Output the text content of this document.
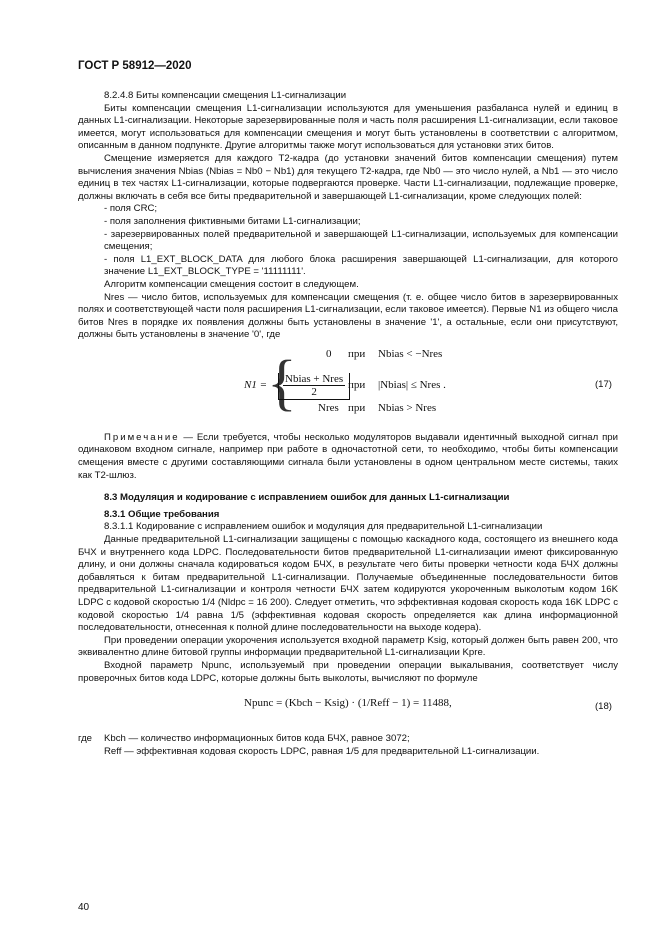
ГОСТ Р 58912—2020

8.2.4.8 Биты компенсации смещения L1-сигнализации

Биты компенсации смещения L1-сигнализации используются для уменьшения разбаланса нулей и единиц в данных L1-сигнализации. Некоторые зарезервированные поля и часть поля расширения L1-сигнализации, если таковое имеется, могут использоваться для компенсации смещения и могут быть установлены в соответствии с алгоритмом, описанным в данном подпункте. Другие алгоритмы также могут использоваться для установки этих битов.

Смещение измеряется для каждого Т2-кадра (до установки значений битов компенсации смещения) путем вычисления значения Nbias (Nbias = Nb0 − Nb1) для текущего Т2-кадра, где Nb0 — это число нулей, а Nb1 — это число единиц в тех частях L1-сигнализации, которые подвергаются проверке. Части L1-сигнализации, подлежащие проверке, должны включать в себя все биты предварительной и завершающей L1-сигнализации, кроме следующих полей:

- поля CRC;

- поля заполнения фиктивными битами L1-сигнализации;

- зарезервированных полей предварительной и завершающей L1-сигнализации, используемых для компенсации смещения;

- поля L1_EXT_BLOCK_DATA для любого блока расширения завершающей L1-сигнализации, для которого значение L1_EXT_BLOCK_TYPE = '11111111'.

Алгоритм компенсации смещения состоит в следующем.

Nres — число битов, используемых для компенсации смещения (т. е. общее число битов в зарезервированных полях и соответствующей части поля расширения L1-сигнализации, если таковое имеется). Первые N1 из общего числа битов Nres в порядке их появления должны быть установлены в значение '1', а остальные, если они присутствуют, должны быть установлены в значение '0', где

N1 = {	0 при Nbias < −Nres
$\frac{\text{Nbias + Nres}}{2}$ при |Nbias| ≤ Nres .
Nres при Nbias > Nres
(17)

Примечание — Если требуется, чтобы несколько модуляторов выдавали идентичный выходной сигнал при одинаковом входном сигнале, например при работе в одночастотной сети, то необходимо, чтобы биты компенсации смещения вместе с другими составляющими сигнала были установлены в одном центральном месте системы, таких как Т2-шлюз.

8.3 Модуляция и кодирование с исправлением ошибок для данных L1-сигнализации

8.3.1 Общие требования

8.3.1.1 Кодирование с исправлением ошибок и модуляция для предварительной L1-сигнализации

Данные предварительной L1-сигнализации защищены с помощью каскадного кода, состоящего из внешнего кода БЧХ и внутреннего кода LDPC. Последовательности битов предварительной L1-сигнализации имеют фиксированную длину, и они должны сначала кодироваться кодом БЧХ, в результате чего биты проверки четности кода БЧХ должны добавляться к битам предварительной L1-сигнализации. Получаемые объединенные последовательности битов предварительной L1-сигнализации и контроля четности БЧХ затем кодируются укороченным выколотым кодом 16K LDPC с кодовой скоростью 1/4 (Nldpc = 16 200). Следует отметить, что эффективная кодовая скорость кода 16K LDPC с кодовой скоростью 1/4 равна 1/5 (эффективная кодовая скорость определяется как длина информационной последовательности, отнесенная к полной длине последовательности на выходе кодера).

При проведении операции укорочения используется входной параметр Ksig, который должен быть равен 200, что эквивалентно длине битовой группы информации предварительной L1-сигнализации Kpre.

Входной параметр Npunc, используемый при проведении операции выкалывания, соответствует числу проверочных битов кода LDPC, которые должны быть выколоты, вычисляют по формуле

Npunc = (Kbch − Ksig) · (1/Reff − 1) = 11488,	(18)

где Kbch — количество информационных битов кода БЧХ, равное 3072;

Reff — эффективная кодовая скорость LDPC, равная 1/5 для предварительной L1-сигнализации.

40
